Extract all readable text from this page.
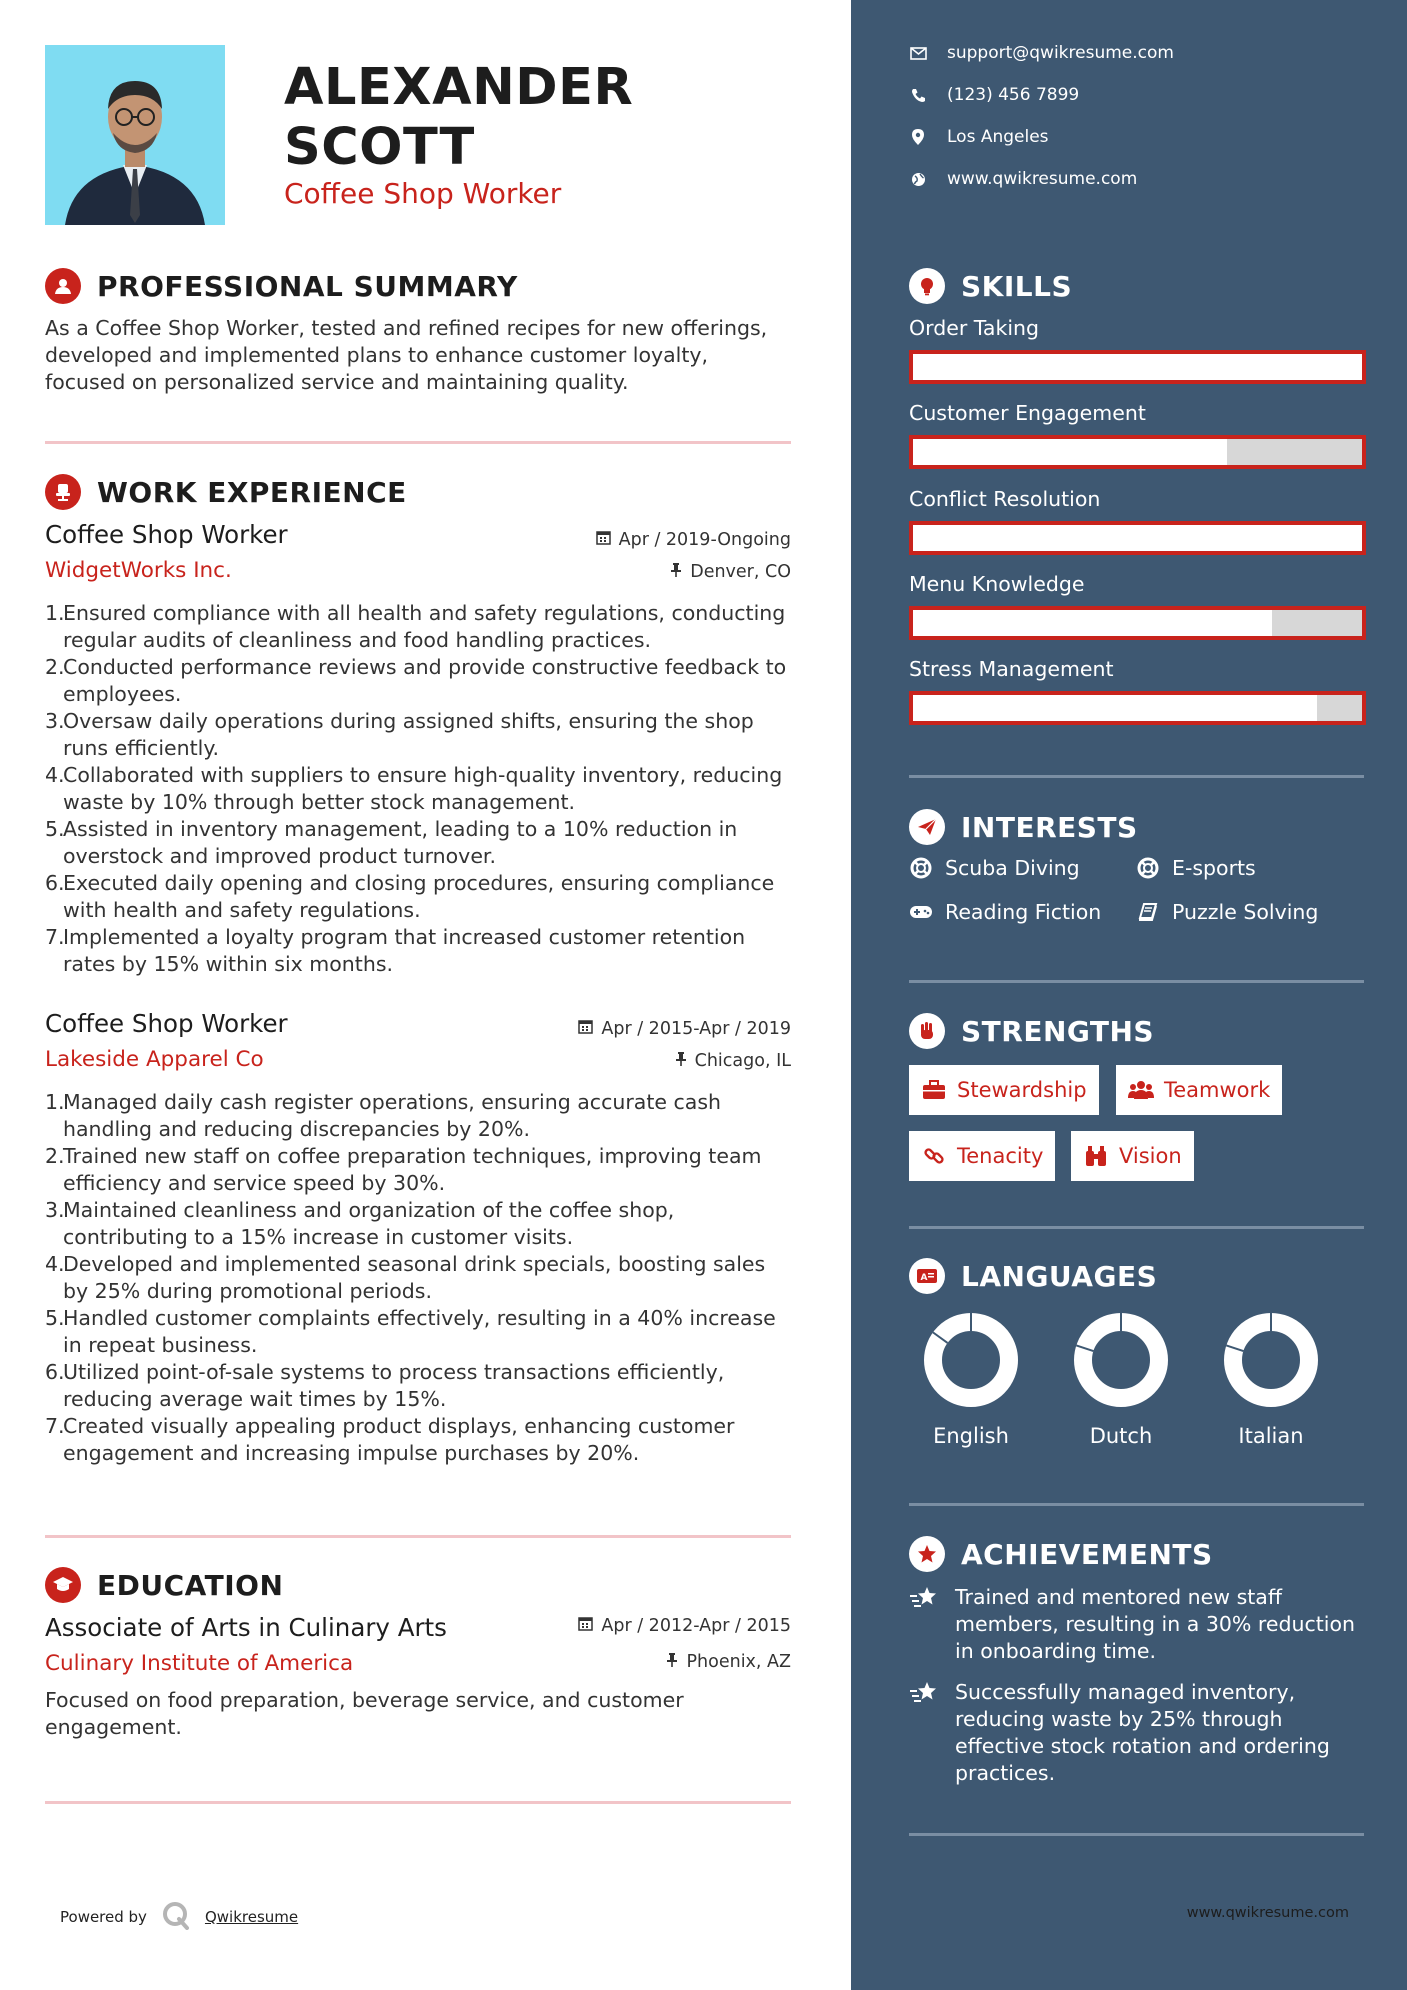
ALEXANDER
SCOTT
Coffee Shop Worker
PROFESSIONAL SUMMARY
As a Coffee Shop Worker, tested and refined recipes for new offerings, developed and implemented plans to enhance customer loyalty, focused on personalized service and maintaining quality.
WORK EXPERIENCE
Coffee Shop Worker	Apr / 2019-Ongoing
WidgetWorks Inc.	Denver, CO
1.
Ensured compliance with all health and safety regulations, conducting regular audits of cleanliness and food handling practices.
2.
Conducted performance reviews and provide constructive feedback to employees.
3.
Oversaw daily operations during assigned shifts, ensuring the shop runs efficiently.
4.
Collaborated with suppliers to ensure high-quality inventory, reducing waste by 10% through better stock management.
5.
Assisted in inventory management, leading to a 10% reduction in overstock and improved product turnover.
6.
Executed daily opening and closing procedures, ensuring compliance with health and safety regulations.
7.
Implemented a loyalty program that increased customer retention rates by 15% within six months.
Coffee Shop Worker	Apr / 2015-Apr / 2019
Lakeside Apparel Co	Chicago, IL
1.
Managed daily cash register operations, ensuring accurate cash handling and reducing discrepancies by 20%.
2.
Trained new staff on coffee preparation techniques, improving team efficiency and service speed by 30%.
3.
Maintained cleanliness and organization of the coffee shop, contributing to a 15% increase in customer visits.
4.
Developed and implemented seasonal drink specials, boosting sales by 25% during promotional periods.
5.
Handled customer complaints effectively, resulting in a 40% increase in repeat business.
6.
Utilized point-of-sale systems to process transactions efficiently, reducing average wait times by 15%.
7.
Created visually appealing product displays, enhancing customer engagement and increasing impulse purchases by 20%.
EDUCATION
Associate of Arts in Culinary Arts	Apr / 2012-Apr / 2015
Culinary Institute of America	Phoenix, AZ
Focused on food preparation, beverage service, and customer engagement.
Powered by	Qwikresume
support@qwikresume.com
(123) 456 7899
Los Angeles
www.qwikresume.com
SKILLS
Order Taking
Customer Engagement
Conflict Resolution
Menu Knowledge
Stress Management
INTERESTS
Scuba Diving	E-sports
Reading Fiction	Puzzle Solving
STRENGTHS
Stewardship	Teamwork
Tenacity	Vision
A LANGUAGES
English	Dutch	Italian
ACHIEVEMENTS
Trained and mentored new staff members, resulting in a 30% reduction in onboarding time.
Successfully managed inventory, reducing waste by 25% through effective stock rotation and ordering practices.
www.qwikresume.com
